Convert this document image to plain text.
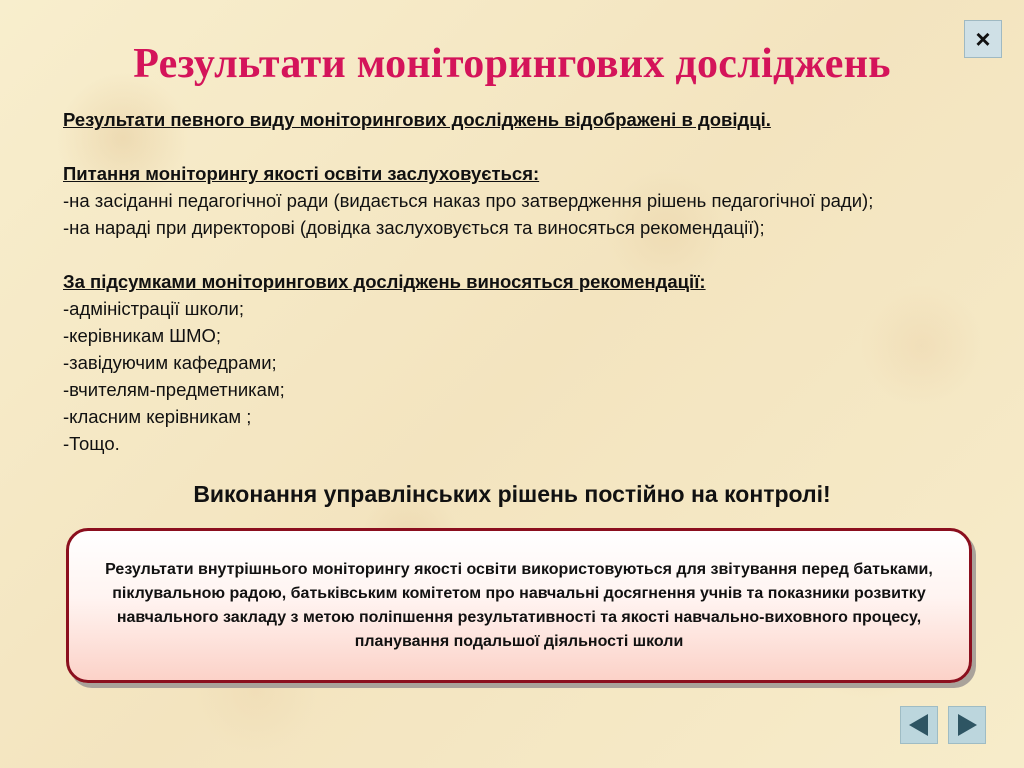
Результати моніторингових досліджень
×

Результати певного виду моніторингових досліджень відображені в довідці.

Питання моніторингу якості освіти заслуховується:

-на засіданні педагогічної ради (видається наказ про затвердження рішень педагогічної ради);

-на нараді при директорові (довідка заслуховується та виносяться рекомендації);

За підсумками моніторингових досліджень виносяться рекомендації:

-адміністрації школи;

-керівникам ШМО;

-завідуючим кафедрами;

-вчителям-предметникам;

-класним керівникам ;

-Тощо.

Виконання управлінських рішень постійно на контролі!
Результати внутрішнього моніторингу якості освіти використовуються для звітування перед батьками, піклувальною радою, батьківським комітетом про навчальні досягнення учнів та показники розвитку навчального закладу з метою поліпшення результативності та якості навчально-виховного процесу, планування подальшої діяльності школи
